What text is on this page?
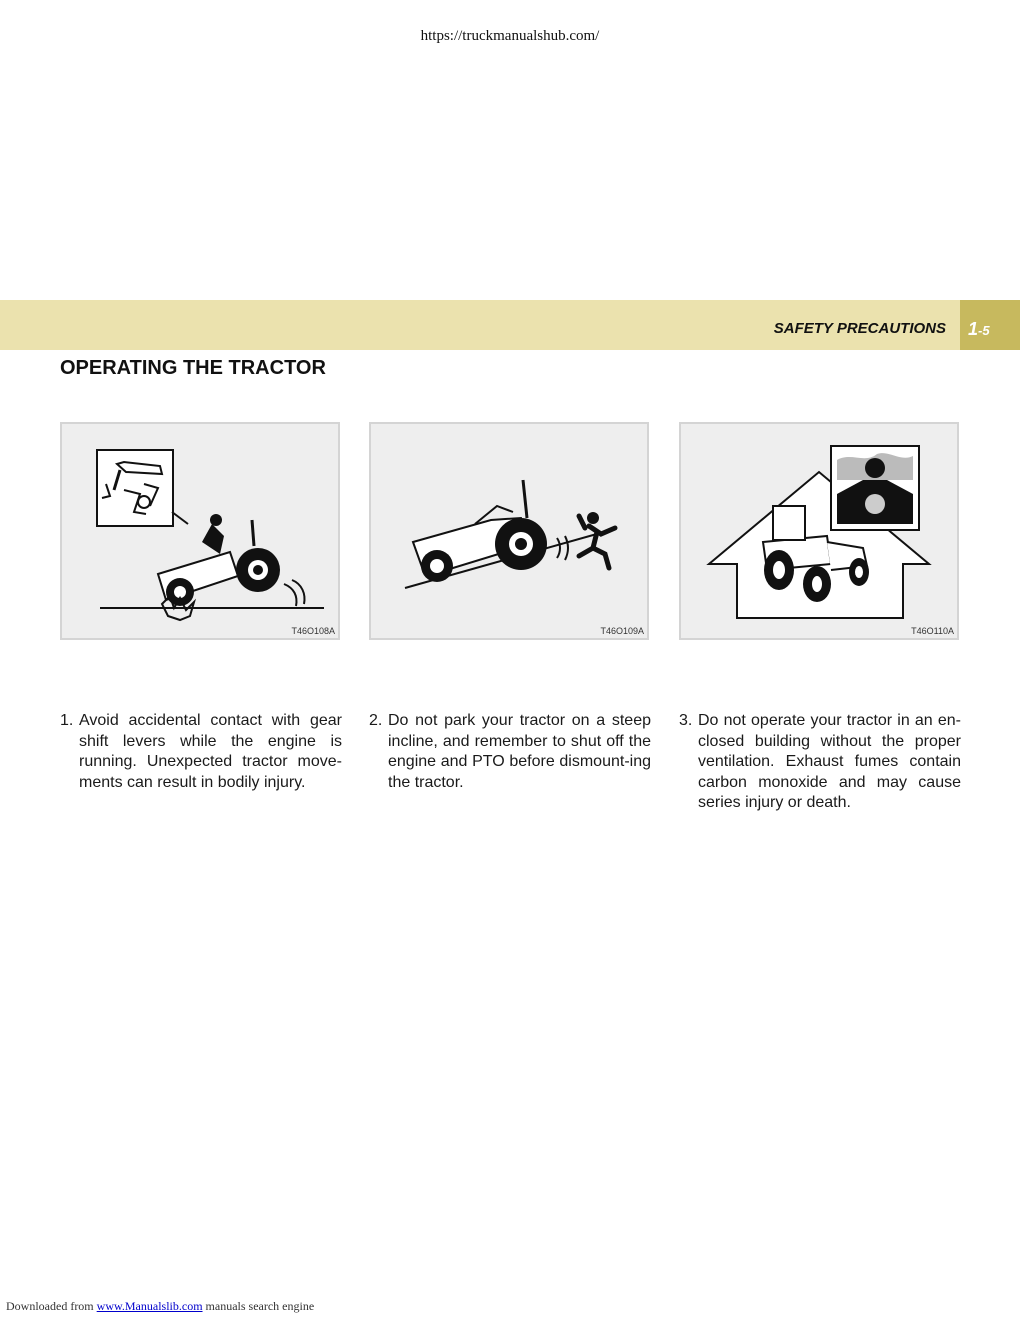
https://truckmanualshub.com/
SAFETY PRECAUTIONS	1-5
OPERATING THE TRACTOR
T46O108A	T46O109A	T46O110A
1. Avoid accidental contact with gear shift levers while the engine is running. Unexpected tractor move-ments can result in bodily injury.
2. Do not park your tractor on a steep incline, and remember to shut off the engine and PTO before dismount-ing the tractor.
3. Do not operate your tractor in an en-closed building without the proper ventilation. Exhaust fumes contain carbon monoxide and may cause series injury or death.
Downloaded from www.Manualslib.com manuals search engine
